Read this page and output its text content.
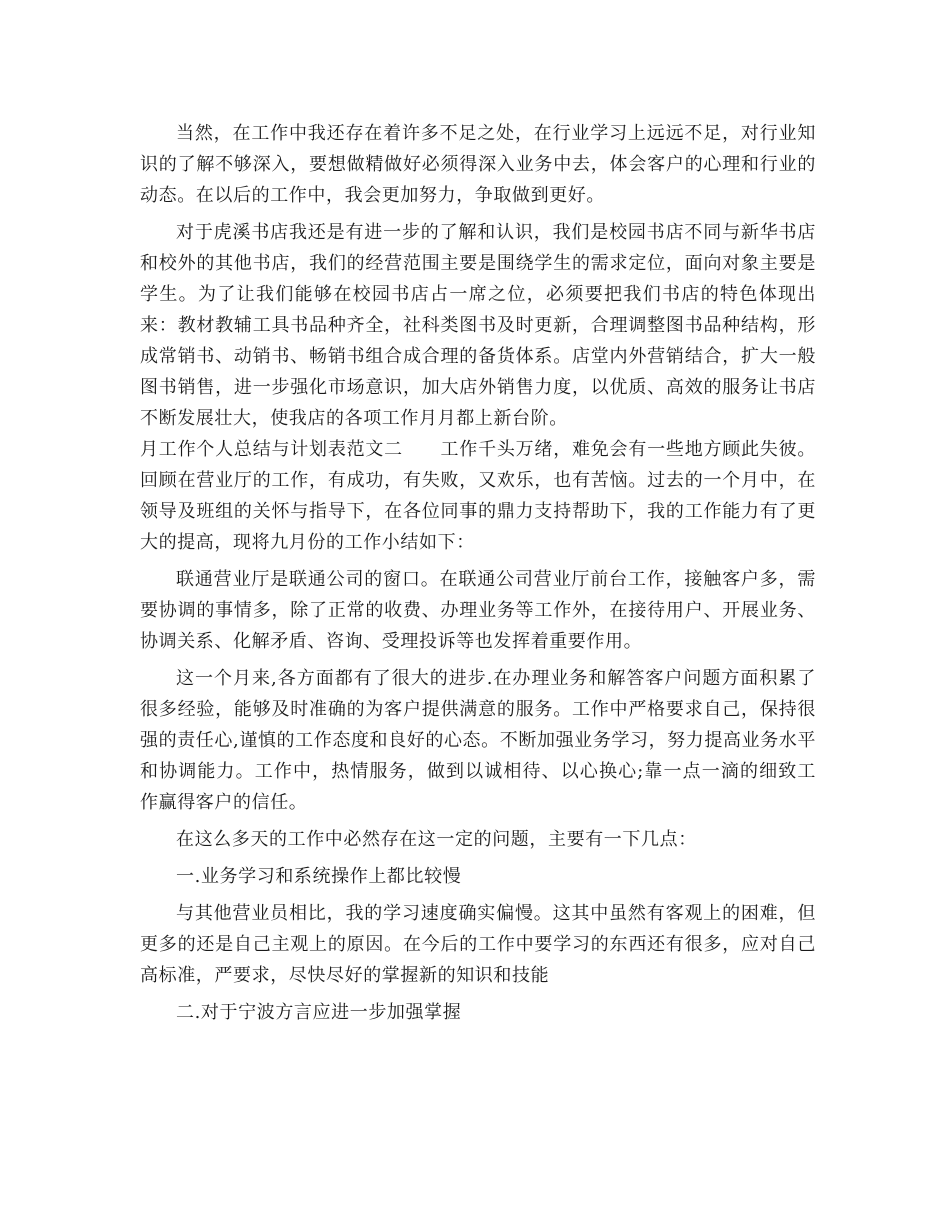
当然，在工作中我还存在着许多不足之处，在行业学习上远远不足，对行业知识的了解不够深入，要想做精做好必须得深入业务中去，体会客户的心理和行业的动态。在以后的工作中，我会更加努力，争取做到更好。

对于虎溪书店我还是有进一步的了解和认识，我们是校园书店不同与新华书店和校外的其他书店，我们的经营范围主要是围绕学生的需求定位，面向对象主要是学生。为了让我们能够在校园书店占一席之位，必须要把我们书店的特色体现出来：教材教辅工具书品种齐全，社科类图书及时更新，合理调整图书品种结构，形成常销书、动销书、畅销书组合成合理的备货体系。店堂内外营销结合，扩大一般图书销售，进一步强化市场意识，加大店外销售力度，以优质、高效的服务让书店不断发展壮大，使我店的各项工作月月都上新台阶。

月工作个人总结与计划表范文二　　工作千头万绪，难免会有一些地方顾此失彼。回顾在营业厅的工作，有成功，有失败，又欢乐，也有苦恼。过去的一个月中，在领导及班组的关怀与指导下，在各位同事的鼎力支持帮助下，我的工作能力有了更大的提高，现将九月份的工作小结如下：

联通营业厅是联通公司的窗口。在联通公司营业厅前台工作，接触客户多，需要协调的事情多，除了正常的收费、办理业务等工作外，在接待用户、开展业务、协调关系、化解矛盾、咨询、受理投诉等也发挥着重要作用。

这一个月来,各方面都有了很大的进步.在办理业务和解答客户问题方面积累了很多经验，能够及时准确的为客户提供满意的服务。工作中严格要求自己，保持很强的责任心,谨慎的工作态度和良好的心态。不断加强业务学习，努力提高业务水平和协调能力。工作中，热情服务，做到以诚相待、以心换心;靠一点一滴的细致工作赢得客户的信任。

在这么多天的工作中必然存在这一定的问题，主要有一下几点：

一.业务学习和系统操作上都比较慢

与其他营业员相比，我的学习速度确实偏慢。这其中虽然有客观上的困难，但更多的还是自己主观上的原因。在今后的工作中要学习的东西还有很多，应对自己高标准，严要求，尽快尽好的掌握新的知识和技能

二.对于宁波方言应进一步加强掌握
